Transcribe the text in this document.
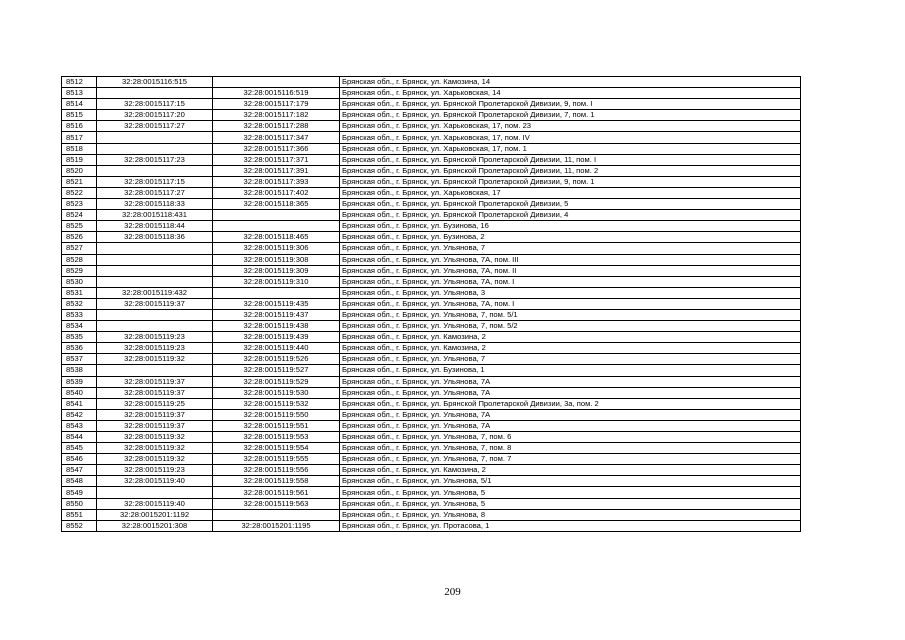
8512	32:28:0015116:515		Брянская обл., г. Брянск, ул. Камозина, 14
8513		32:28:0015116:519	Брянская обл., г. Брянск, ул. Харьковская, 14
8514	32:28:0015117:15	32:28:0015117:179	Брянская обл., г. Брянск, ул. Брянской Пролетарской Дивизии, 9, пом. I
8515	32:28:0015117:20	32:28:0015117:182	Брянская обл., г. Брянск, ул. Брянской Пролетарской Дивизии, 7, пом. 1
8516	32:28:0015117:27	32:28:0015117:288	Брянская обл., г. Брянск, ул. Харьковская, 17, пом. 23
8517		32:28:0015117:347	Брянская обл., г. Брянск, ул. Харьковская, 17, пом. IV
8518		32:28:0015117:366	Брянская обл., г. Брянск, ул. Харьковская, 17, пом. 1
8519	32:28:0015117:23	32:28:0015117:371	Брянская обл., г. Брянск, ул. Брянской Пролетарской Дивизии, 11, пом. I
8520		32:28:0015117:391	Брянская обл., г. Брянск, ул. Брянской Пролетарской Дивизии, 11, пом. 2
8521	32:28:0015117:15	32:28:0015117:393	Брянская обл., г. Брянск, ул. Брянской Пролетарской Дивизии, 9, пом. 1
8522	32:28:0015117:27	32:28:0015117:402	Брянская обл., г. Брянск, ул. Харьковская, 17
8523	32:28:0015118:33	32:28:0015118:365	Брянская обл., г. Брянск, ул. Брянской Пролетарской Дивизии, 5
8524	32:28:0015118:431		Брянская обл., г. Брянск, ул. Брянской Пролетарской Дивизии, 4
8525	32:28:0015118:44		Брянская обл., г. Брянск, ул. Бузинова, 16
8526	32:28:0015118:36	32:28:0015118:465	Брянская обл., г. Брянск, ул. Бузинова, 2
8527		32:28:0015119:306	Брянская обл., г. Брянск, ул. Ульянова, 7
8528		32:28:0015119:308	Брянская обл., г. Брянск, ул. Ульянова, 7А, пом. III
8529		32:28:0015119:309	Брянская обл., г. Брянск, ул. Ульянова, 7А, пом. II
8530		32:28:0015119:310	Брянская обл., г. Брянск, ул. Ульянова, 7А, пом. I
8531	32:28:0015119:432		Брянская обл., г. Брянск, ул. Ульянова, 3
8532	32:28:0015119:37	32:28:0015119:435	Брянская обл., г. Брянск, ул. Ульянова, 7А, пом. I
8533		32:28:0015119:437	Брянская обл., г. Брянск, ул. Ульянова, 7, пом. 5/1
8534		32:28:0015119:438	Брянская обл., г. Брянск, ул. Ульянова, 7, пом. 5/2
8535	32:28:0015119:23	32:28:0015119:439	Брянская обл., г. Брянск, ул. Камозина, 2
8536	32:28:0015119:23	32:28:0015119:440	Брянская обл., г. Брянск, ул. Камозина, 2
8537	32:28:0015119:32	32:28:0015119:526	Брянская обл., г. Брянск, ул. Ульянова, 7
8538		32:28:0015119:527	Брянская обл., г. Брянск, ул. Бузинова, 1
8539	32:28:0015119:37	32:28:0015119:529	Брянская обл., г. Брянск, ул. Ульянова, 7А
8540	32:28:0015119:37	32:28:0015119:530	Брянская обл., г. Брянск, ул. Ульянова, 7А
8541	32:28:0015119:25	32:28:0015119:532	Брянская обл., г. Брянск, ул. Брянской Пролетарской Дивизии, 3а, пом. 2
8542	32:28:0015119:37	32:28:0015119:550	Брянская обл., г. Брянск, ул. Ульянова, 7А
8543	32:28:0015119:37	32:28:0015119:551	Брянская обл., г. Брянск, ул. Ульянова, 7А
8544	32:28:0015119:32	32:28:0015119:553	Брянская обл., г. Брянск, ул. Ульянова, 7, пом. 6
8545	32:28:0015119:32	32:28:0015119:554	Брянская обл., г. Брянск, ул. Ульянова, 7, пом. 8
8546	32:28:0015119:32	32:28:0015119:555	Брянская обл., г. Брянск, ул. Ульянова, 7, пом. 7
8547	32:28:0015119:23	32:28:0015119:556	Брянская обл., г. Брянск, ул. Камозина, 2
8548	32:28:0015119:40	32:28:0015119:558	Брянская обл., г. Брянск, ул. Ульянова, 5/1
8549		32:28:0015119:561	Брянская обл., г. Брянск, ул. Ульянова, 5
8550	32:28:0015119:40	32:28:0015119:563	Брянская обл., г. Брянск, ул. Ульянова, 5
8551	32:28:0015201:1192		Брянская обл., г. Брянск, ул. Ульянова, 8
8552	32:28:0015201:308	32:28:0015201:1195	Брянская обл., г. Брянск, ул. Протасова, 1
209
